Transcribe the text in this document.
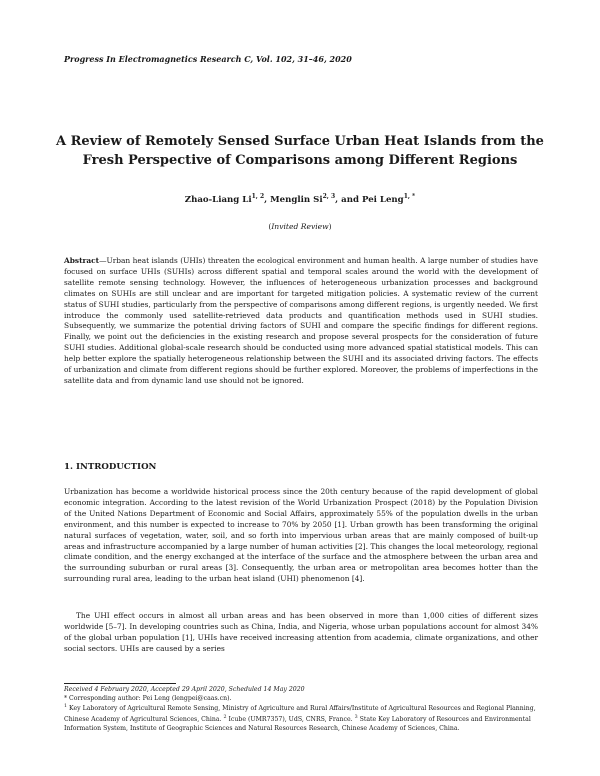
Progress In Electromagnetics Research C, Vol. 102, 31–46, 2020
A Review of Remotely Sensed Surface Urban Heat Islands from the Fresh Perspective of Comparisons among Different Regions
Zhao-Liang Li$^{1, 2}$, Menglin Si$^{2, 3}$, and Pei Leng$^{1, *}$
(Invited Review)
Abstract—Urban heat islands (UHIs) threaten the ecological environment and human health. A large number of studies have focused on surface UHIs (SUHIs) across different spatial and temporal scales around the world with the development of satellite remote sensing technology. However, the influences of heterogeneous urbanization processes and background climates on SUHIs are still unclear and are important for targeted mitigation policies. A systematic review of the current status of SUHI studies, particularly from the perspective of comparisons among different regions, is urgently needed. We first introduce the commonly used satellite-retrieved data products and quantification methods used in SUHI studies. Subsequently, we summarize the potential driving factors of SUHI and compare the specific findings for different regions. Finally, we point out the deficiencies in the existing research and propose several prospects for the consideration of future SUHI studies. Additional global-scale research should be conducted using more advanced spatial statistical models. This can help better explore the spatially heterogeneous relationship between the SUHI and its associated driving factors. The effects of urbanization and climate from different regions should be further explored. Moreover, the problems of imperfections in the satellite data and from dynamic land use should not be ignored.
1. INTRODUCTION

Urbanization has become a worldwide historical process since the 20th century because of the rapid development of global economic integration. According to the latest revision of the World Urbanization Prospect (2018) by the Population Division of the United Nations Department of Economic and Social Affairs, approximately 55% of the population dwells in the urban environment, and this number is expected to increase to 70% by 2050 [1]. Urban growth has been transforming the original natural surfaces of vegetation, water, soil, and so forth into impervious urban areas that are mainly composed of built-up areas and infrastructure accompanied by a large number of human activities [2]. This changes the local meteorology, regional climate condition, and the energy exchanged at the interface of the surface and the atmosphere between the urban area and the surrounding suburban or rural areas [3]. Consequently, the urban area or metropolitan area becomes hotter than the surrounding rural area, leading to the urban heat island (UHI) phenomenon [4].

The UHI effect occurs in almost all urban areas and has been observed in more than 1,000 cities of different sizes worldwide [5–7]. In developing countries such as China, India, and Nigeria, whose urban populations account for almost 34% of the global urban population [1], UHIs have received increasing attention from academia, climate organizations, and other social sectors. UHIs are caused by a series

Received 4 February 2020, Accepted 29 April 2020, Scheduled 14 May 2020
* Corresponding author: Pei Leng (lengpei@caas.cn).
$^1$ Key Laboratory of Agricultural Remote Sensing, Ministry of Agriculture and Rural Affairs/Institute of Agricultural Resources and Regional Planning, Chinese Academy of Agricultural Sciences, China. $^2$ Icube (UMR7357), UdS, CNRS, France. $^3$ State Key Laboratory of Resources and Environmental Information System, Institute of Geographic Sciences and Natural Resources Research, Chinese Academy of Sciences, China.
